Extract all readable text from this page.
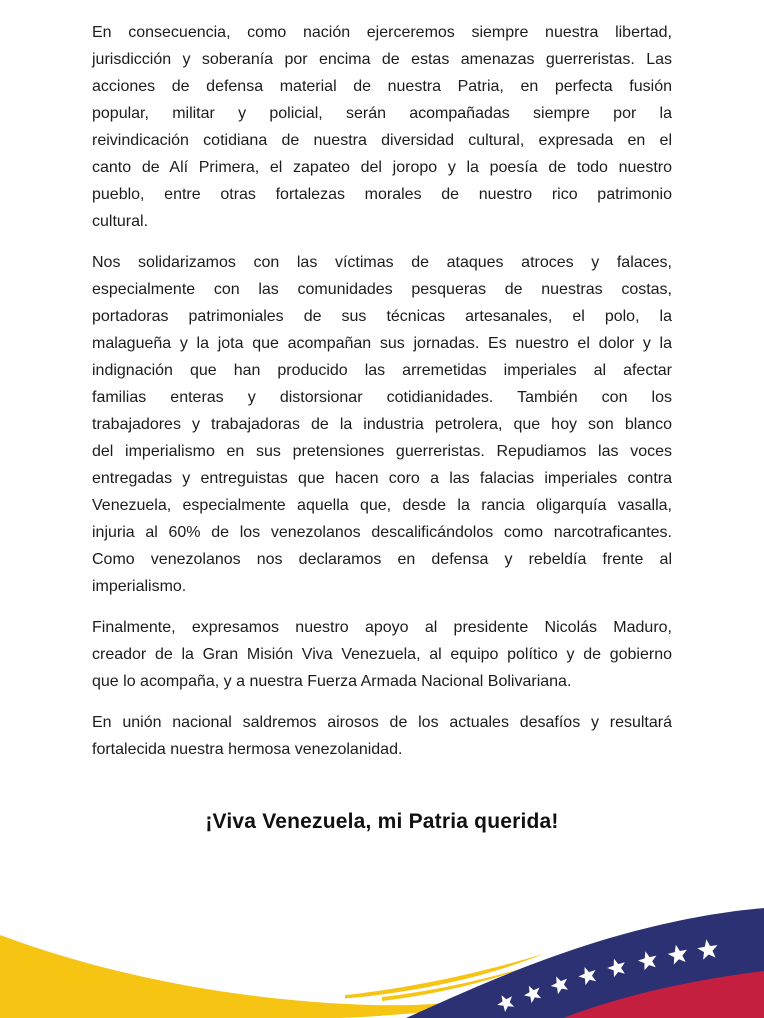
En consecuencia, como nación ejerceremos siempre nuestra libertad,
jurisdicción y soberanía por encima de estas amenazas guerreristas. Las
acciones de defensa material de nuestra Patria, en perfecta fusión
popular, militar y policial, serán acompañadas siempre por la
reivindicación cotidiana de nuestra diversidad cultural, expresada en el
canto de Alí Primera, el zapateo del joropo y la poesía de todo nuestro
pueblo, entre otras fortalezas morales de nuestro rico patrimonio
cultural.
Nos solidarizamos con las víctimas de ataques atroces y falaces,
especialmente con las comunidades pesqueras de nuestras costas,
portadoras patrimoniales de sus técnicas artesanales, el polo, la
malagueña y la jota que acompañan sus jornadas. Es nuestro el dolor y la
indignación que han producido las arremetidas imperiales al afectar
familias enteras y distorsionar cotidianidades. También con los
trabajadores y trabajadoras de la industria petrolera, que hoy son blanco
del imperialismo en sus pretensiones guerreristas. Repudiamos las voces
entregadas y entreguistas que hacen coro a las falacias imperiales contra
Venezuela, especialmente aquella que, desde la rancia oligarquía vasalla,
injuria al 60% de los venezolanos descalificándolos como narcotraficantes.
Como venezolanos nos declaramos en defensa y rebeldía frente al
imperialismo.
Finalmente, expresamos nuestro apoyo al presidente Nicolás Maduro,
creador de la Gran Misión Viva Venezuela, al equipo político y de gobierno
que lo acompaña, y a nuestra Fuerza Armada Nacional Bolivariana.
En unión nacional saldremos airosos de los actuales desafíos y resultará
fortalecida nuestra hermosa venezolanidad.
¡Viva Venezuela, mi Patria querida!
